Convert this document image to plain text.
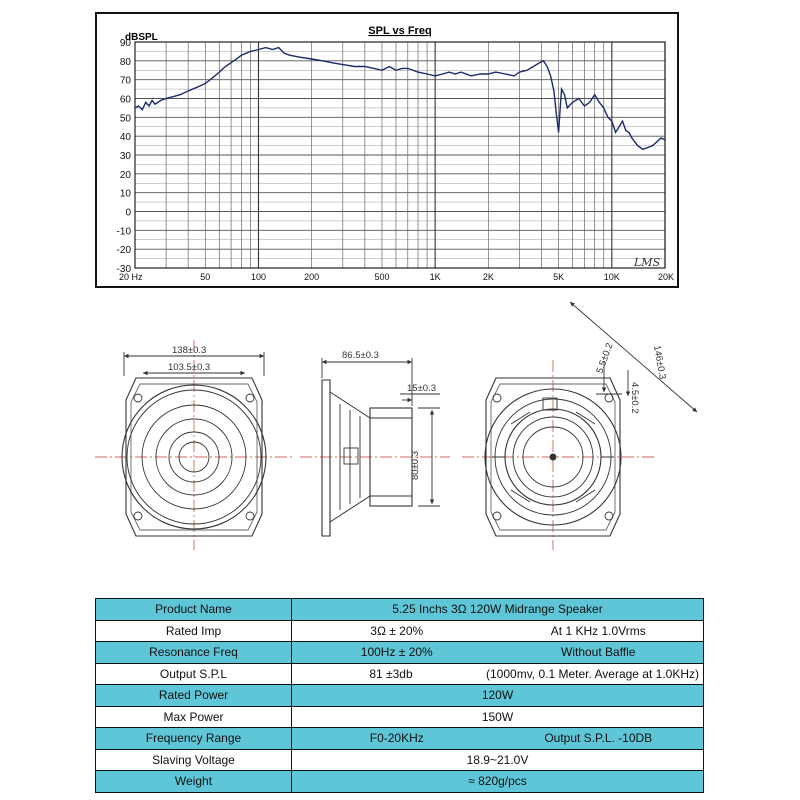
90
80
70
60
50
40
30
20
10
0
-10
-20
-30
20 Hz	50	100	200	500	1K	2K	5K	10K	20K
SPL vs Freq
dBSPL
LMS
138±0.3
103.5±0.3
86.5±0.3
15±0.3
80±0.3
5.5±0.2
4.5±0.2
146±0.3
Product Name	5.25 Inchs 3Ω 120W Midrange Speaker
Rated Imp	3Ω ± 20% At 1 KHz 1.0Vrms

Resonance Freq	100Hz ± 20% Without Baffle

Output S.P.L	81 ±3db (1000mv, 0.1 Meter. Average at 1.0KHz)

Rated Power	120W
Max Power	150W
Frequency Range	F0-20KHz Output S.P.L. -10DB

Slaving Voltage	18.9~21.0V
Weight	≈ 820g/pcs
